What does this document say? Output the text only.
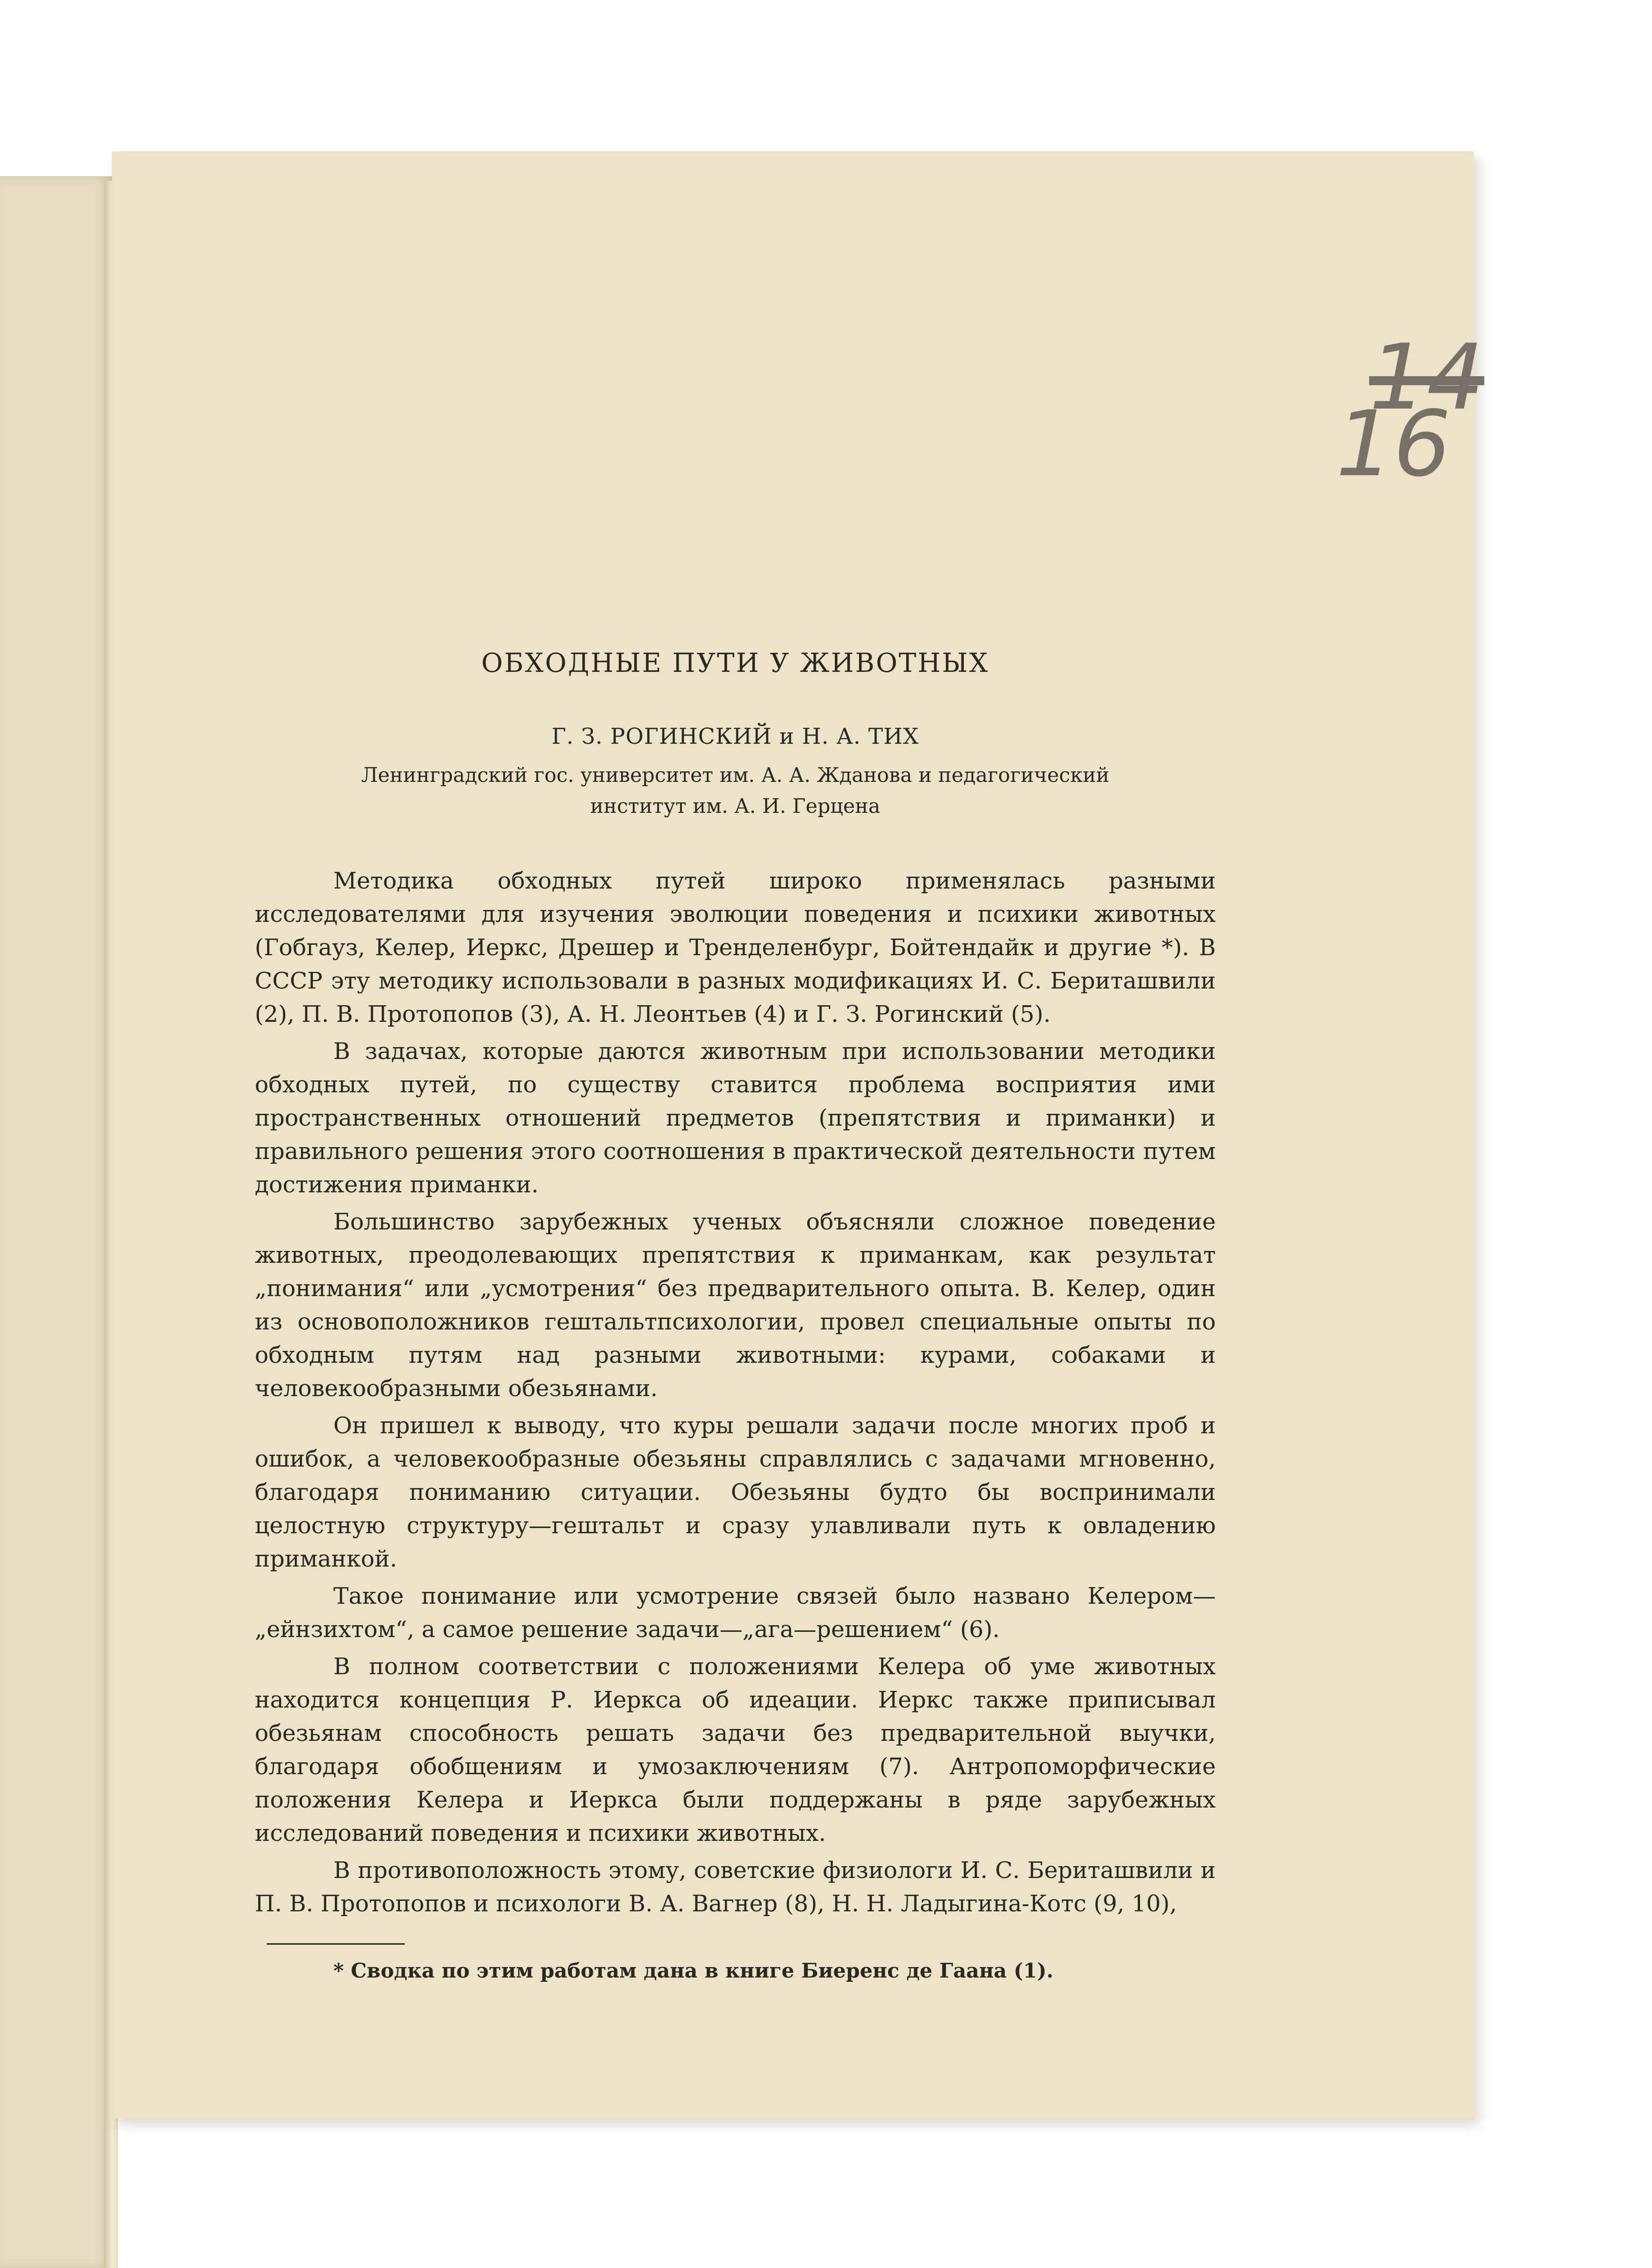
14
16
ОБХОДНЫЕ ПУТИ У ЖИВОТНЫХ
Г. З. РОГИНСКИЙ и Н. А. ТИХ
Ленинградский гос. университет им. А. А. Жданова и педагогический
институт им. А. И. Герцена

Методика обходных путей широко применялась разными исследователями для изучения эволюции поведения и психики животных (Гобгауз, Келер, Иеркс, Дрешер и Тренделенбург, Бойтендайк и другие *). В СССР эту методику использовали в разных модификациях И. С. Бериташвили (2), П. В. Протопопов (3), А. Н. Леонтьев (4) и Г. З. Рогинский (5).

В задачах, которые даются животным при использовании методики обходных путей, по существу ставится проблема восприятия ими пространственных отношений предметов (препятствия и приманки) и правильного решения этого соотношения в практической деятельности путем достижения приманки.

Большинство зарубежных ученых объясняли сложное поведение животных, преодолевающих препятствия к приманкам, как результат „понимания“ или „усмотрения“ без предварительного опыта. В. Келер, один из основоположников гештальтпсихологии, провел специальные опыты по обходным путям над разными животными: курами, собаками и человекообразными обезьянами.

Он пришел к выводу, что куры решали задачи после многих проб и ошибок, а человекообразные обезьяны справлялись с задачами мгновенно, благодаря пониманию ситуации. Обезьяны будто бы воспринимали целостную структуру—гештальт и сразу улавливали путь к овладению приманкой.

Такое понимание или усмотрение связей было названо Келером—„ейнзихтом“, а самое решение задачи—„ага—решением“ (6).

В полном соответствии с положениями Келера об уме животных находится концепция Р. Иеркса об идеации. Иеркс также приписывал обезьянам способность решать задачи без предварительной выучки, благодаря обобщениям и умозаключениям (7). Антропоморфические положения Келера и Иеркса были поддержаны в ряде зарубежных исследований поведения и психики животных.

В противоположность этому, советские физиологи И. С. Бериташвили и П. В. Протопопов и психологи В. А. Вагнер (8), Н. Н. Ладыгина-Котс (9, 10),

* Сводка по этим работам дана в книге Биеренс де Гаана (1).
